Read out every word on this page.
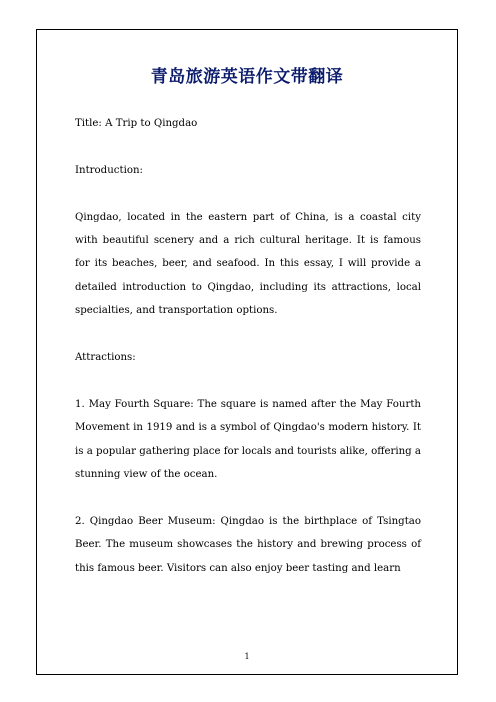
青岛旅游英语作文带翻译

Title: A Trip to Qingdao

Introduction:

Qingdao, located in the eastern part of China, is a coastal city with beautiful scenery and a rich cultural heritage. It is famous for its beaches, beer, and seafood. In this essay, I will provide a detailed introduction to Qingdao, including its attractions, local specialties, and transportation options.

Attractions:

1. May Fourth Square: The square is named after the May Fourth Movement in 1919 and is a symbol of Qingdao's modern history. It is a popular gathering place for locals and tourists alike, offering a stunning view of the ocean.

2. Qingdao Beer Museum: Qingdao is the birthplace of Tsingtao Beer. The museum showcases the history and brewing process of this famous beer. Visitors can also enjoy beer tasting and learn

1
